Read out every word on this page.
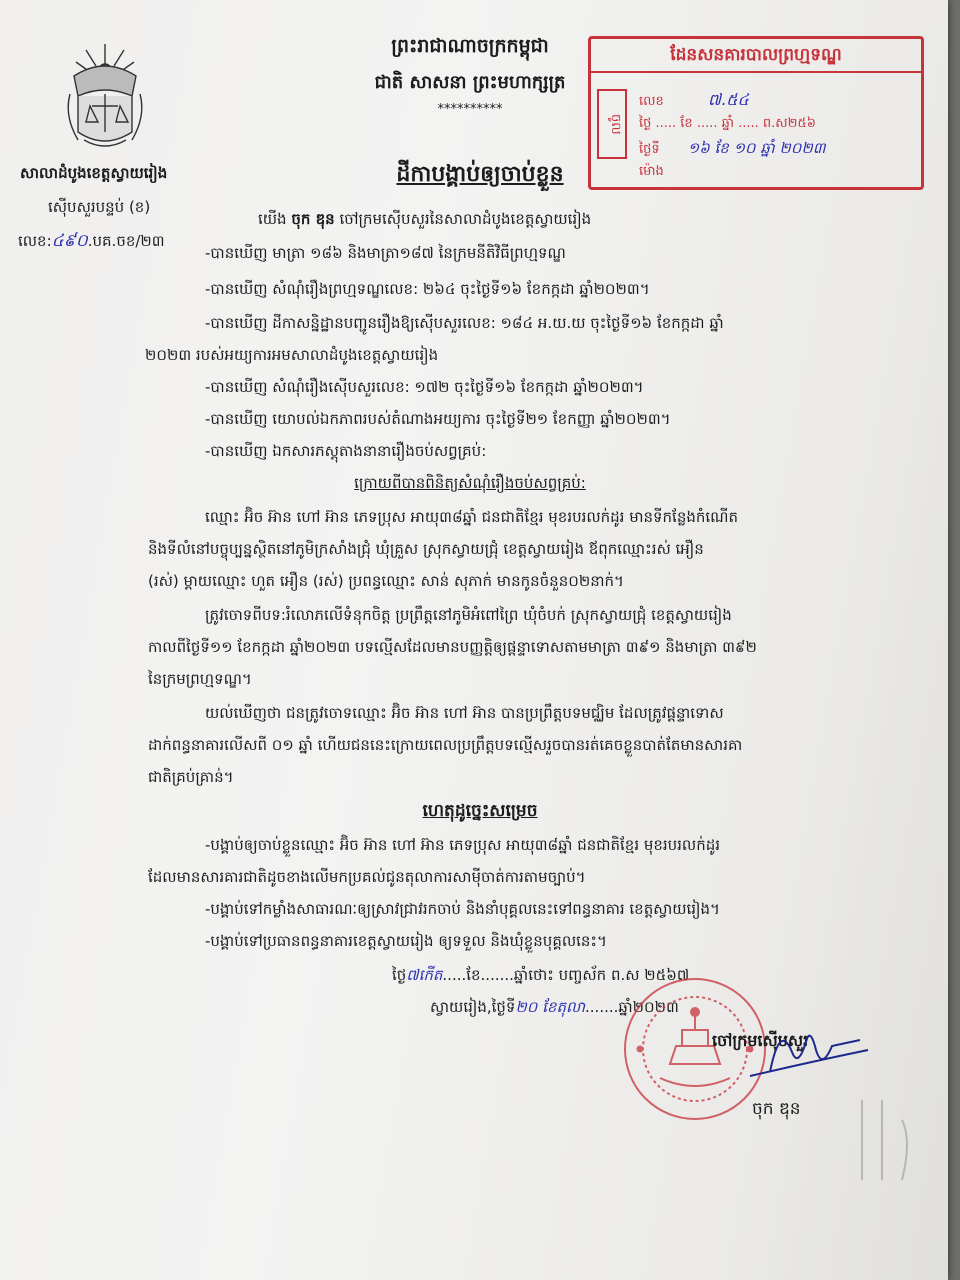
ព្រះរាជាណាចក្រកម្ពុជា
ជាតិ សាសនា ព្រះមហាក្សត្រ
**********
សាលាដំបូងខេត្តស្វាយរៀង
ស៊ើបសួរបន្ទប់ (ខ)
លេខ:៤៩០.បគ.ចខ/២៣
ដែនសនគារបាលព្រហ្មទណ្ឌ
ចូល
លេខ	៧.៥៤
ថ្ងៃ ..... ខែ ..... ឆ្នាំ ..... ព.ស២៥៦
ថ្ងៃទី ១៦ ខែ ១០ ឆ្នាំ ២០២៣
ម៉ោង
ដីកាបង្គាប់ឲ្យចាប់ខ្លួន
យើង ចុក ឌុន ចៅក្រមស៊ើបសួរនៃសាលាដំបូងខេត្តស្វាយរៀង
-បានឃើញ មាត្រា ១៨៦ និងមាត្រា១៨៧ នៃក្រមនីតិវិធីព្រហ្មទណ្ឌ
-បានឃើញ សំណុំរឿងព្រហ្មទណ្ឌលេខ: ២៦៤ ចុះថ្ងៃទី១៦ ខែកក្កដា ឆ្នាំ២០២៣។
-បានឃើញ ដីកាសន្និដ្ឋានបញ្ជូនរឿងឱ្យស៊ើបសួរលេខ: ១៨៤ អ.យ.យ ចុះថ្ងៃទី១៦ ខែកក្កដា ឆ្នាំ
២០២៣ របស់អយ្យការអមសាលាដំបូងខេត្តស្វាយរៀង
-បានឃើញ សំណុំរឿងស៊ើបសួរលេខ: ១៧២ ចុះថ្ងៃទី១៦ ខែកក្កដា ឆ្នាំ២០២៣។
-បានឃើញ យោបល់ឯកភាពរបស់តំណាងអយ្យការ ចុះថ្ងៃទី២១ ខែកញ្ញា ឆ្នាំ២០២៣។
-បានឃើញ ឯកសារភស្តុតាងនានារឿងចប់សព្វគ្រប់:
ក្រោយពីបានពិនិត្យសំណុំរឿងចប់សព្វគ្រប់:
ឈ្មោះ អ៊ិច អ៊ាន ហៅ អ៊ាន ភេទប្រុស អាយុ៣៨ឆ្នាំ ជនជាតិខ្មែរ មុខរបរលក់ដូរ មានទីកន្លែងកំណើត
និងទីលំនៅបច្ចុប្បន្នស្ថិតនៅភូមិក្រសាំងជ្រុំ ឃុំគ្រួស ស្រុកស្វាយជ្រុំ ខេត្តស្វាយរៀង ឪពុកឈ្មោះរស់ អឿន
(រស់) ម្ដាយឈ្មោះ ហួត អឿន (រស់) ប្រពន្ធឈ្មោះ សាន់ សុភាក់ មានកូនចំនួន០២នាក់។
ត្រូវចោទពីបទ:រំលោភលើទំនុកចិត្ត ប្រព្រឹត្តនៅភូមិអំពៅព្រៃ ឃុំចំបក់ ស្រុកស្វាយជ្រុំ ខេត្តស្វាយរៀង
កាលពីថ្ងៃទី១១ ខែកក្កដា ឆ្នាំ២០២៣ បទល្មើសដែលមានបញ្ញត្តិឲ្យផ្ដន្ទាទោសតាមមាត្រា ៣៩១ និងមាត្រា ៣៩២
នៃក្រមព្រហ្មទណ្ឌ។
យល់ឃើញថា ជនត្រូវចោទឈ្មោះ អ៊ិច អ៊ាន ហៅ អ៊ាន បានប្រព្រឹត្តបទមជ្ឈិម ដែលត្រូវផ្ដន្ទាទោស
ដាក់ពន្ធនាគារលើសពី ០១ ឆ្នាំ ហើយជននេះក្រោយពេលប្រព្រឹត្តបទល្មើសរួចបានរត់គេចខ្លួនបាត់តែមានសារគា
ជាតិគ្រប់គ្រាន់។
ហេតុដូច្នេះសម្រេច
-បង្គាប់ឲ្យចាប់ខ្លួនឈ្មោះ អ៊ិច អ៊ាន ហៅ អ៊ាន ភេទប្រុស អាយុ៣៨ឆ្នាំ ជនជាតិខ្មែរ មុខរបរលក់ដូរ
ដែលមានសារគារជាតិដូចខាងលើមកប្រគល់ជូនតុលាការសាម៉ីចាត់ការតាមច្បាប់។
-បង្គាប់ទៅកម្លាំងសាធារណៈឲ្យស្រាវជ្រាវរកចាប់ និងនាំបុគ្គលនេះទៅពន្ធនាគារ ខេត្តស្វាយរៀង។
-បង្គាប់ទៅប្រធានពន្ធនាគារខេត្តស្វាយរៀង ឲ្យទទួល និងឃុំខ្លួនបុគ្គលនេះ។
ថ្ងៃ៧កើត.....ខែ.......ឆ្នាំថោះ បញ្ចស័ក ព.ស ២៥៦៧
ស្វាយរៀង,ថ្ងៃទី២០ ខែតុលា.......ឆ្នាំ២០២៣
ចៅក្រមស៊ើបសួរ
ចុក ឌុន
